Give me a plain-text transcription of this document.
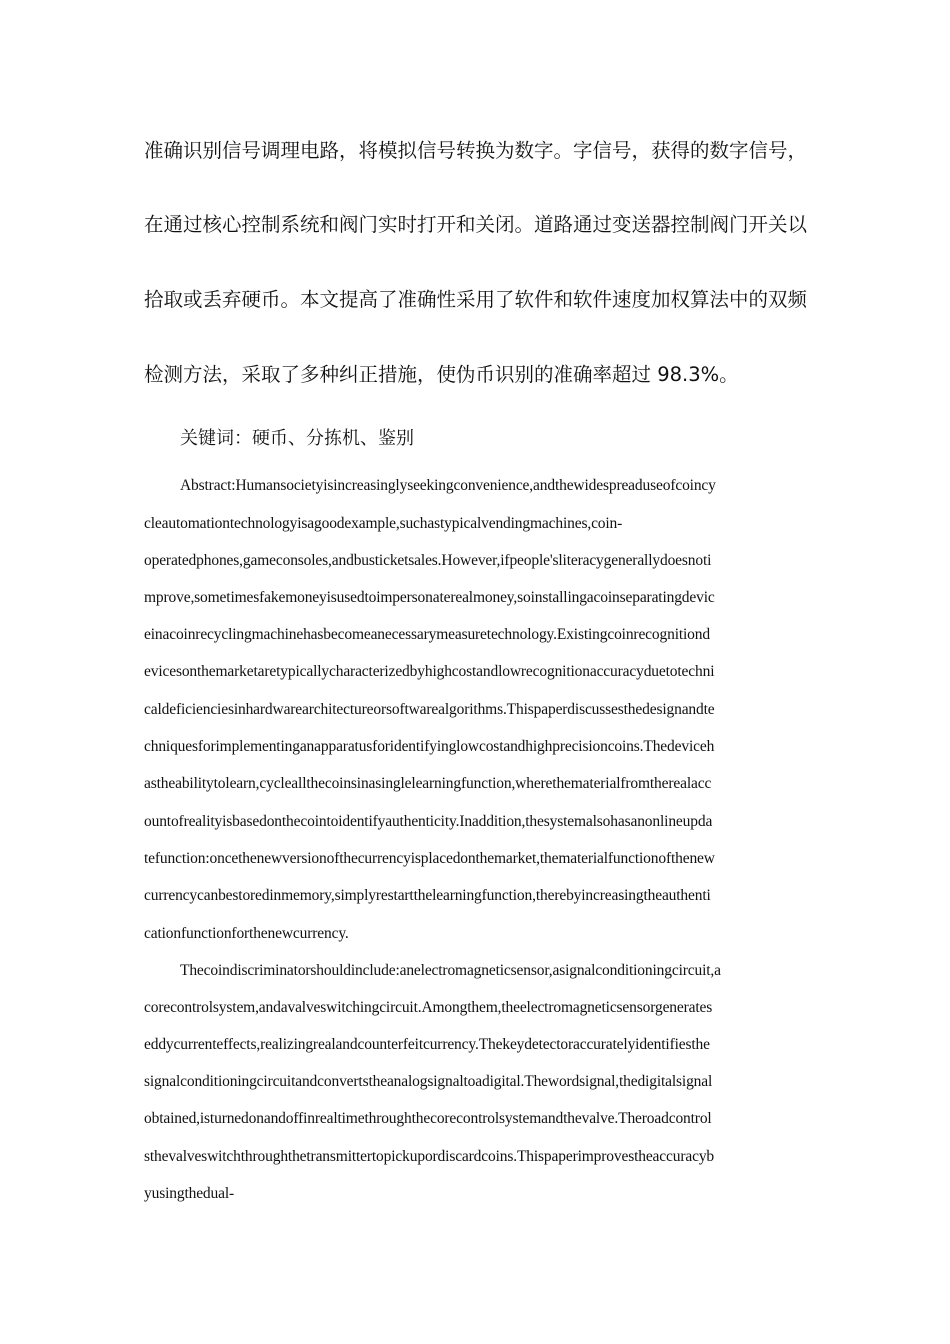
准确识别信号调理电路，将模拟信号转换为数字。字信号，获得的数字信号，
在通过核心控制系统和阀门实时打开和关闭。道路通过变送器控制阀门开关以
拾取或丢弃硬币。本文提高了准确性采用了软件和软件速度加权算法中的双频
检测方法，采取了多种纠正措施，使伪币识别的准确率超过 98.3%。
关键词：硬币、分拣机、鉴别
Abstract:Humansocietyisincreasinglyseekingconvenience,andthewidespreaduseofcoincy
cleautomationtechnologyisagoodexample,suchastypicalvendingmachines,coin-
operatedphones,gameconsoles,andbusticketsales.However,ifpeople'sliteracygenerallydoesnoti
mprove,sometimesfakemoneyisusedtoimpersonaterealmoney,soinstallingacoinseparatingdevic
einacoinrecyclingmachinehasbecomeanecessarymeasuretechnology.Existingcoinrecognitiond
evicesonthemarketaretypicallycharacterizedbyhighcostandlowrecognitionaccuracyduetotechni
caldeficienciesinhardwarearchitectureorsoftwarealgorithms.Thispaperdiscussesthedesignandte
chniquesforimplementinganapparatusforidentifyinglowcostandhighprecisioncoins.Thedeviceh
astheabilitytolearn,cycleallthecoinsinasinglelearningfunction,wherethematerialfromtherealacc
ountofrealityisbasedonthecointoidentifyauthenticity.Inaddition,thesystemalsohasanonlineupda
tefunction:oncethenewversionofthecurrencyisplacedonthemarket,thematerialfunctionofthenew
currencycanbestoredinmemory,simplyrestartthelearningfunction,therebyincreasingtheauthenti
cationfunctionforthenewcurrency.
Thecoindiscriminatorshouldinclude:anelectromagneticsensor,asignalconditioningcircuit,a
corecontrolsystem,andavalveswitchingcircuit.Amongthem,theelectromagneticsensorgenerates
eddycurrenteffects,realizingrealandcounterfeitcurrency.Thekeydetectoraccuratelyidentifiesthe
signalconditioningcircuitandconvertstheanalogsignaltoadigital.Thewordsignal,thedigitalsignal
obtained,isturnedonandoffinrealtimethroughthecorecontrolsystemandthevalve.Theroadcontrol
sthevalveswitchthroughthetransmittertopickupordiscardcoins.Thispaperimprovestheaccuracyb
yusingthedual-
